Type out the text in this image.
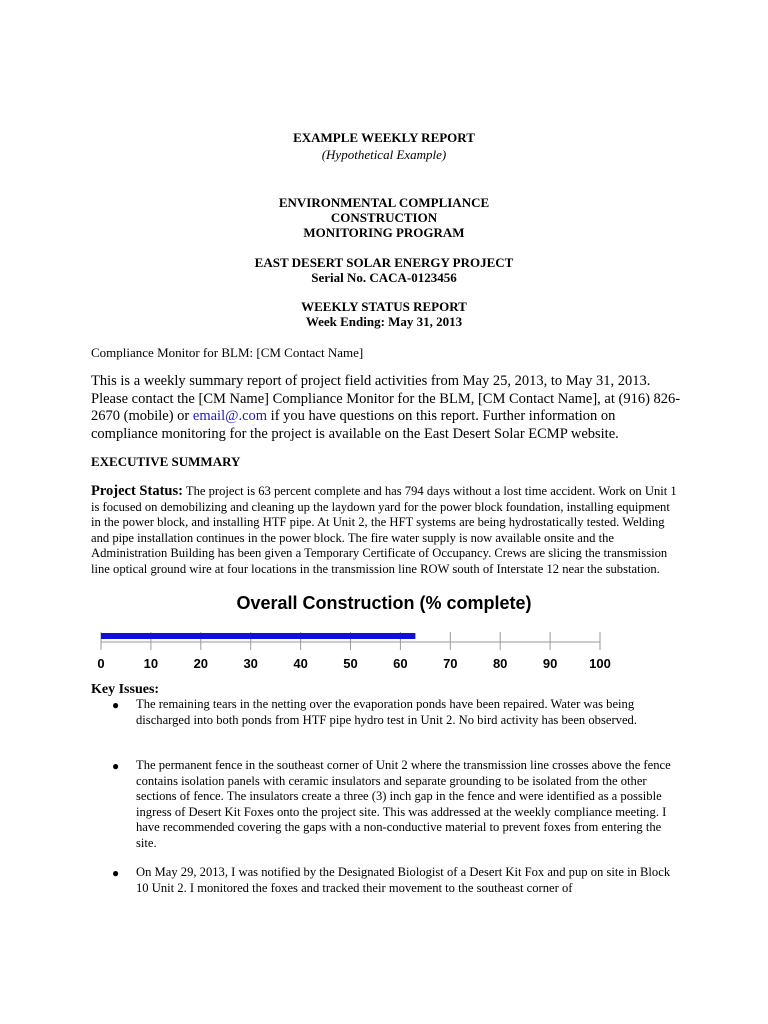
EXAMPLE WEEKLY REPORT
(Hypothetical Example)
ENVIRONMENTAL COMPLIANCE
CONSTRUCTION
MONITORING PROGRAM
EAST DESERT SOLAR ENERGY PROJECT
Serial No. CACA-0123456
WEEKLY STATUS REPORT
Week Ending: May 31, 2013
Compliance Monitor for BLM: [CM Contact Name]
This is a weekly summary report of project field activities from May 25, 2013, to May 31, 2013. Please contact the [CM Name] Compliance Monitor for the BLM, [CM Contact Name], at (916) 826-2670 (mobile) or email@.com if you have questions on this report. Further information on compliance monitoring for the project is available on the East Desert Solar ECMP website.
EXECUTIVE SUMMARY
Project Status: The project is 63 percent complete and has 794 days without a lost time accident. Work on Unit 1 is focused on demobilizing and cleaning up the laydown yard for the power block foundation, installing equipment in the power block, and installing HTF pipe. At Unit 2, the HFT systems are being hydrostatically tested. Welding and pipe installation continues in the power block. The fire water supply is now available onsite and the Administration Building has been given a Temporary Certificate of Occupancy. Crews are slicing the transmission line optical ground wire at four locations in the transmission line ROW south of Interstate 12 near the substation.
Overall Construction (% complete)
0	10	20	30	40	50	60	70	80	90 100
Key Issues:
● The remaining tears in the netting over the evaporation ponds have been repaired. Water was being discharged into both ponds from HTF pipe hydro test in Unit 2. No bird activity has been observed.
● The permanent fence in the southeast corner of Unit 2 where the transmission line crosses above the fence contains isolation panels with ceramic insulators and separate grounding to be isolated from the other sections of fence. The insulators create a three (3) inch gap in the fence and were identified as a possible ingress of Desert Kit Foxes onto the project site. This was addressed at the weekly compliance meeting. I have recommended covering the gaps with a non-conductive material to prevent foxes from entering the site.
● On May 29, 2013, I was notified by the Designated Biologist of a Desert Kit Fox and pup on site in Block 10 Unit 2. I monitored the foxes and tracked their movement to the southeast corner of
